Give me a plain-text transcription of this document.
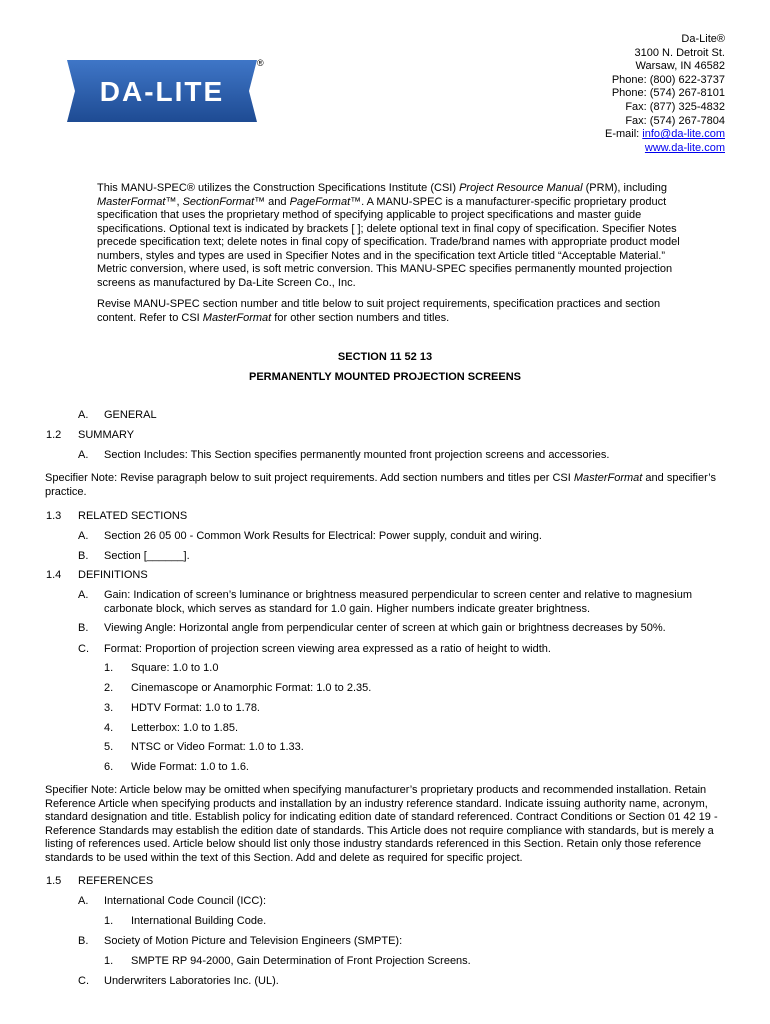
DA-LITE
®
Da-Lite®
3100 N. Detroit St.
Warsaw, IN 46582
Phone: (800) 622-3737
Phone: (574) 267-8101
Fax: (877) 325-4832
Fax: (574) 267-7804
E-mail: info@da-lite.com
www.da-lite.com

This MANU-SPEC® utilizes the Construction Specifications Institute (CSI) Project Resource Manual (PRM), including MasterFormat™, SectionFormat™ and PageFormat™. A MANU-SPEC is a manufacturer-specific proprietary product specification that uses the proprietary method of specifying applicable to project specifications and master guide specifications. Optional text is indicated by brackets [ ]; delete optional text in final copy of specification. Specifier Notes precede specification text; delete notes in final copy of specification. Trade/brand names with appropriate product model numbers, styles and types are used in Specifier Notes and in the specification text Article titled “Acceptable Material.” Metric conversion, where used, is soft metric conversion. This MANU-SPEC specifies permanently mounted projection screens as manufactured by Da-Lite Screen Co., Inc.

Revise MANU-SPEC section number and title below to suit project requirements, specification practices and section content. Refer to CSI MasterFormat for other section numbers and titles.

SECTION 11 52 13
PERMANENTLY MOUNTED PROJECTION SCREENS
A. GENERAL
1.2 SUMMARY
A. Section Includes: This Section specifies permanently mounted front projection screens and accessories.
Specifier Note: Revise paragraph below to suit project requirements. Add section numbers and titles per CSI MasterFormat and specifier’s practice.
1.3 RELATED SECTIONS
A. Section 26 05 00 - Common Work Results for Electrical: Power supply, conduit and wiring.
B. Section [______].
1.4 DEFINITIONS
A. Gain: Indication of screen’s luminance or brightness measured perpendicular to screen center and relative to magnesium carbonate block, which serves as standard for 1.0 gain. Higher numbers indicate greater brightness.
B. Viewing Angle: Horizontal angle from perpendicular center of screen at which gain or brightness decreases by 50%.
C. Format: Proportion of projection screen viewing area expressed as a ratio of height to width.
1. Square: 1.0 to 1.0
2. Cinemascope or Anamorphic Format: 1.0 to 2.35.
3. HDTV Format: 1.0 to 1.78.
4. Letterbox: 1.0 to 1.85.
5. NTSC or Video Format: 1.0 to 1.33.
6. Wide Format: 1.0 to 1.6.
Specifier Note: Article below may be omitted when specifying manufacturer’s proprietary products and recommended installation. Retain Reference Article when specifying products and installation by an industry reference standard. Indicate issuing authority name, acronym, standard designation and title. Establish policy for indicating edition date of standard referenced. Contract Conditions or Section 01 42 19 - Reference Standards may establish the edition date of standards. This Article does not require compliance with standards, but is merely a listing of references used. Article below should list only those industry standards referenced in this Section. Retain only those reference standards to be used within the text of this Section. Add and delete as required for specific project.
1.5 REFERENCES
A. International Code Council (ICC):
1. International Building Code.
B. Society of Motion Picture and Television Engineers (SMPTE):
1. SMPTE RP 94-2000, Gain Determination of Front Projection Screens.
C. Underwriters Laboratories Inc. (UL).
